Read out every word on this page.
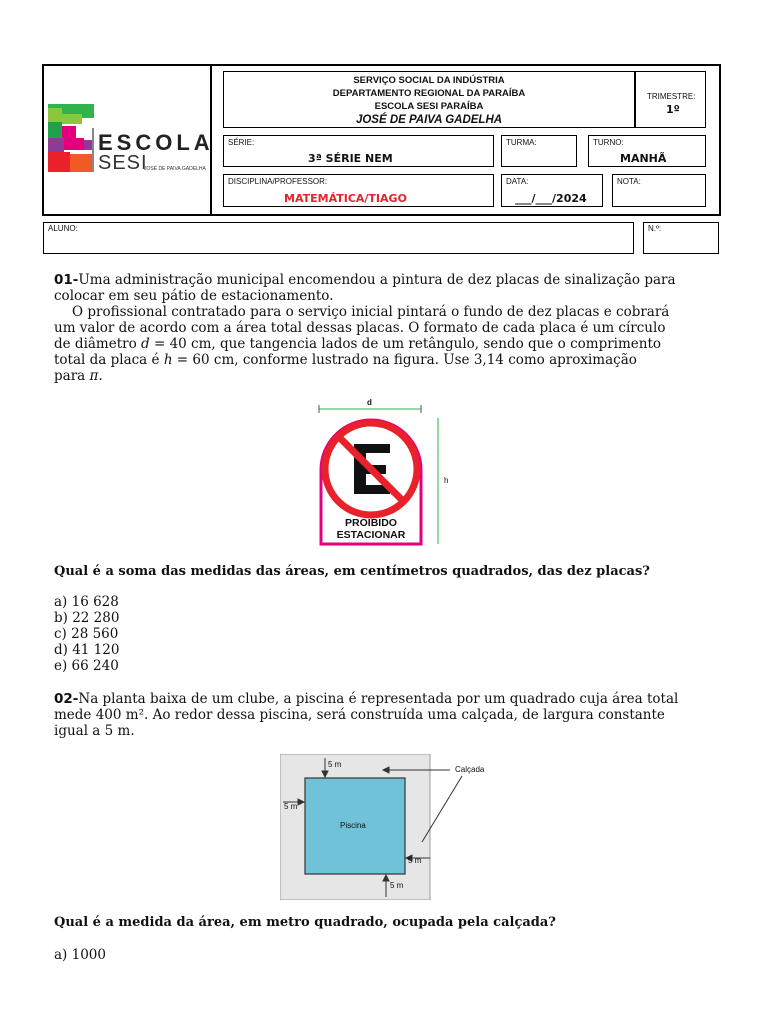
ESCOLA
SESI
JOSÉ DE PAIVA GADELHA
SERVIÇO SOCIAL DA INDÚSTRIA
DEPARTAMENTO REGIONAL DA PARAÍBA
ESCOLA SESI PARAÍBA
JOSÉ DE PAIVA GADELHA
TRIMESTRE:
1º
SÉRIE:
3ª SÉRIE NEM
TURMA:	TURNO:
MANHÃ
DISCIPLINA/PROFESSOR:
MATEMÁTICA/TIAGO
DATA:
___/___/2024
NOTA:
ALUNO:	N.º:
01-Uma administração municipal encomendou a pintura de dez placas de sinalização para
colocar em seu pátio de estacionamento.
O profissional contratado para o serviço inicial pintará o fundo de dez placas e cobrará
um valor de acordo com a área total dessas placas. O formato de cada placa é um círculo
de diâmetro d = 40 cm, que tangencia lados de um retângulo, sendo que o comprimento
total da placa é h = 60 cm, conforme lustrado na figura. Use 3,14 como aproximação
para π.
d
h
PROIBIDO
ESTACIONAR
Qual é a soma das medidas das áreas, em centímetros quadrados, das dez placas?
a) 16 628
b) 22 280
c) 28 560
d) 41 120
e) 66 240
02-Na planta baixa de um clube, a piscina é representada por um quadrado cuja área total
mede 400 m². Ao redor dessa piscina, será construída uma calçada, de largura constante
igual a 5 m.
5 m
5 m
5 m
5 m
Calçada
Piscina
Qual é a medida da área, em metro quadrado, ocupada pela calçada?
a) 1000
